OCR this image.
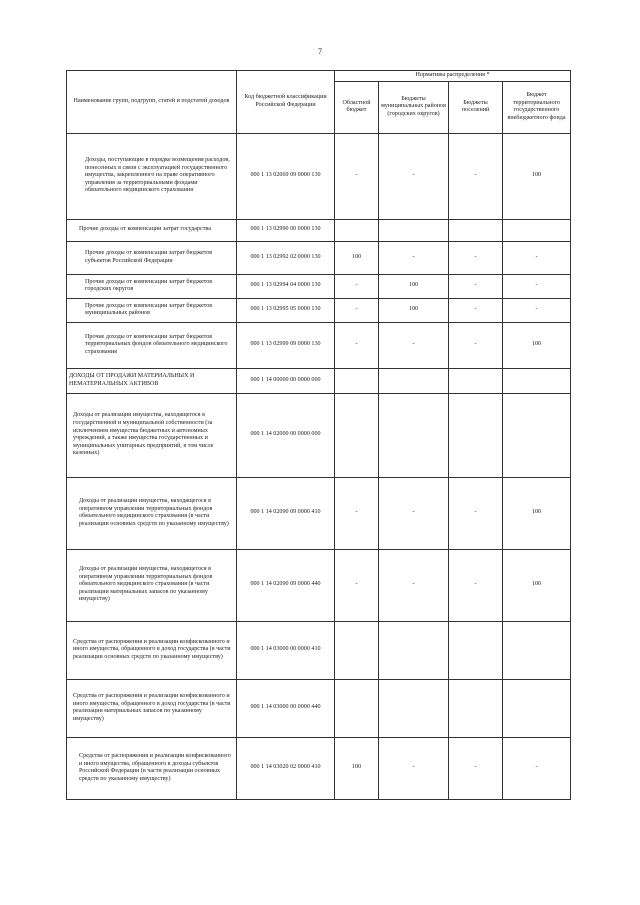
7
Наименование групп, подгрупп, статей и подстатей доходов	Код бюджетной классификации Российской Федерации	Нормативы распределения *			
		Областной бюджет	Бюджеты муниципальных районов (городских округов)	Бюджеты поселений	Бюджет территориального государственного внебюджетного фонда
Доходы, поступающие в порядке возмещения расходов, понесенных в связи с эксплуатацией государственного имущества, закрепленного на праве оперативного управления за территориальными фондами обязательного медицинского страхования	000 1 13 02069 09 0000 130	-	-	-	100
Прочие доходы от компенсации затрат государства	000 1 13 02990 00 0000 130				
Прочие доходы от компенсации затрат бюджетов субъектов Российской Федерации	000 1 13 02992 02 0000 130	100	-	-	-
Прочие доходы от компенсации затрат бюджетов городских округов	000 1 13 02994 04 0000 130	-	100	-	-
Прочие доходы от компенсации затрат бюджетов муниципальных районов	000 1 13 02995 05 0000 130	-	100	-	-
Прочие доходы от компенсации затрат бюджетов территориальных фондов обязательного медицинского страхования	000 1 13 02999 09 0000 130	-	-	-	100
ДОХОДЫ ОТ ПРОДАЖИ МАТЕРИАЛЬНЫХ И НЕМАТЕРИАЛЬНЫХ АКТИВОВ	000 1 14 00000 00 0000 000				
Доходы от реализации имущества, находящегося в государственной и муниципальной собственности (за исключением имущества бюджетных и автономных учреждений, а также имущества государственных и муниципальных унитарных предприятий, в том числе казенных)	000 1 14 02000 00 0000 000				
Доходы от реализации имущества, находящегося в оперативном управлении территориальных фондов обязательного медицинского страхования (в части реализации основных средств по указанному имуществу)	000 1 14 02090 09 0000 410	-	-	-	100
Доходы от реализации имущества, находящегося в оперативном управлении территориальных фондов обязательного медицинского страхования (в части реализации материальных запасов по указанному имуществу)	000 1 14 02090 09 0000 440	-	-	-	100
Средства от распоряжения и реализации конфискованного и иного имущества, обращенного в доход государства (в части реализации основных средств по указанному имуществу)	000 1 14 03000 00 0000 410				
Средства от распоряжения и реализации конфискованного и иного имущества, обращенного в доход государства (в части реализации материальных запасов по указанному имуществу)	000 1 14 03000 00 0000 440				
Средства от распоряжения и реализации конфискованного и иного имущества, обращенного в доходы субъектов Российской Федерации (в части реализации основных средств по указанному имуществу)	000 1 14 03020 02 0000 410	100	-	-	-
